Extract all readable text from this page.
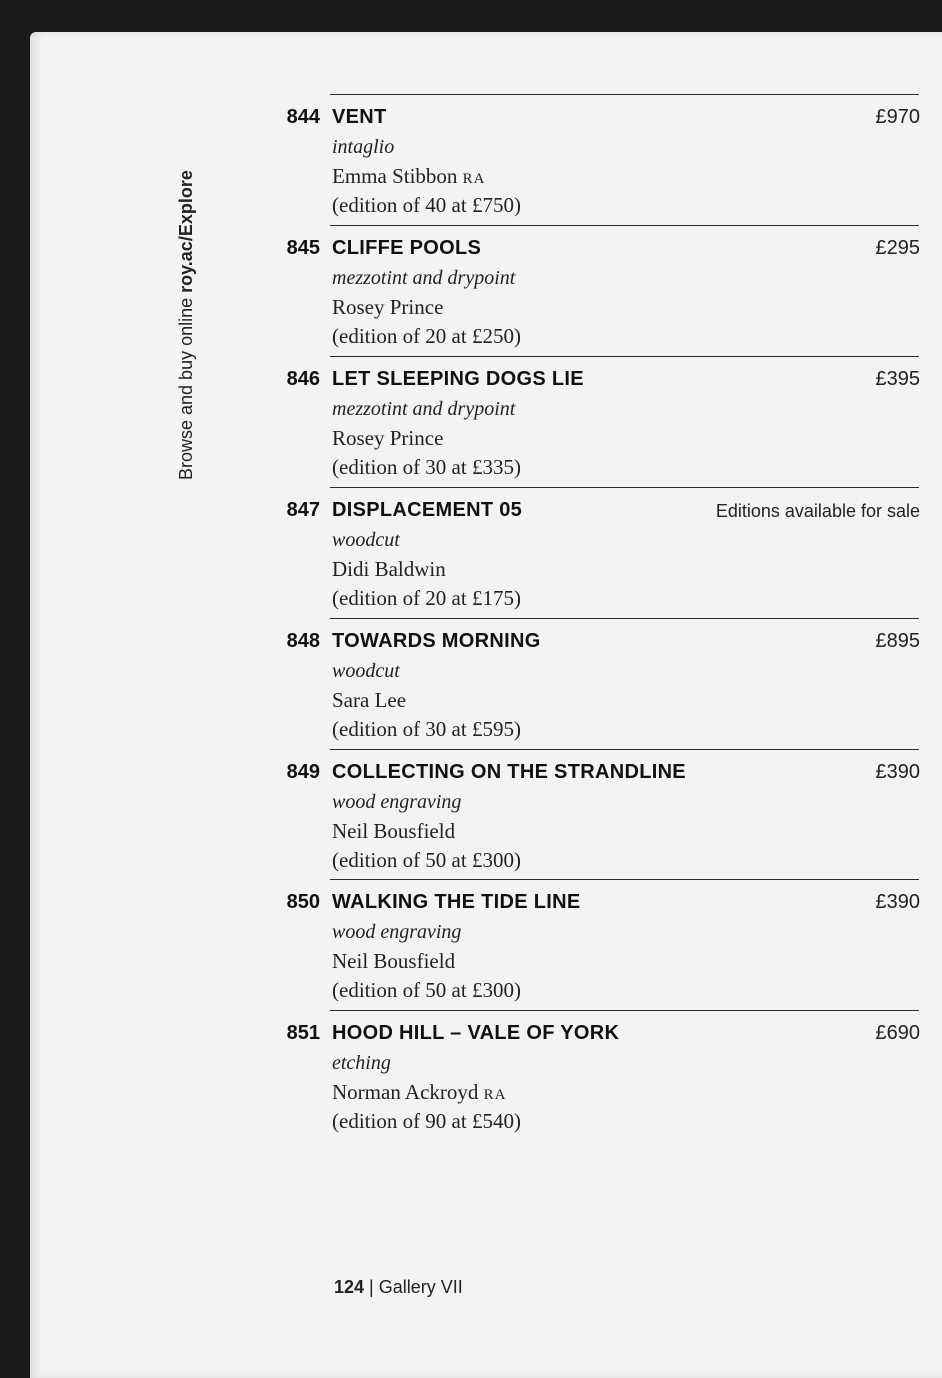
Browse and buy online roy.ac/Explore
844 VENT	£970
intaglio
Emma Stibbon RA
(edition of 40 at £750)
845 CLIFFE POOLS	£295
mezzotint and drypoint
Rosey Prince
(edition of 20 at £250)
846 LET SLEEPING DOGS LIE	£395
mezzotint and drypoint
Rosey Prince
(edition of 30 at £335)
847 DISPLACEMENT 05	Editions available for sale
woodcut
Didi Baldwin
(edition of 20 at £175)
848 TOWARDS MORNING	£895
woodcut
Sara Lee
(edition of 30 at £595)
849 COLLECTING ON THE STRANDLINE	£390
wood engraving
Neil Bousfield
(edition of 50 at £300)
850 WALKING THE TIDE LINE	£390
wood engraving
Neil Bousfield
(edition of 50 at £300)
851 HOOD HILL – VALE OF YORK	£690
etching
Norman Ackroyd RA
(edition of 90 at £540)
124 | Gallery VII
